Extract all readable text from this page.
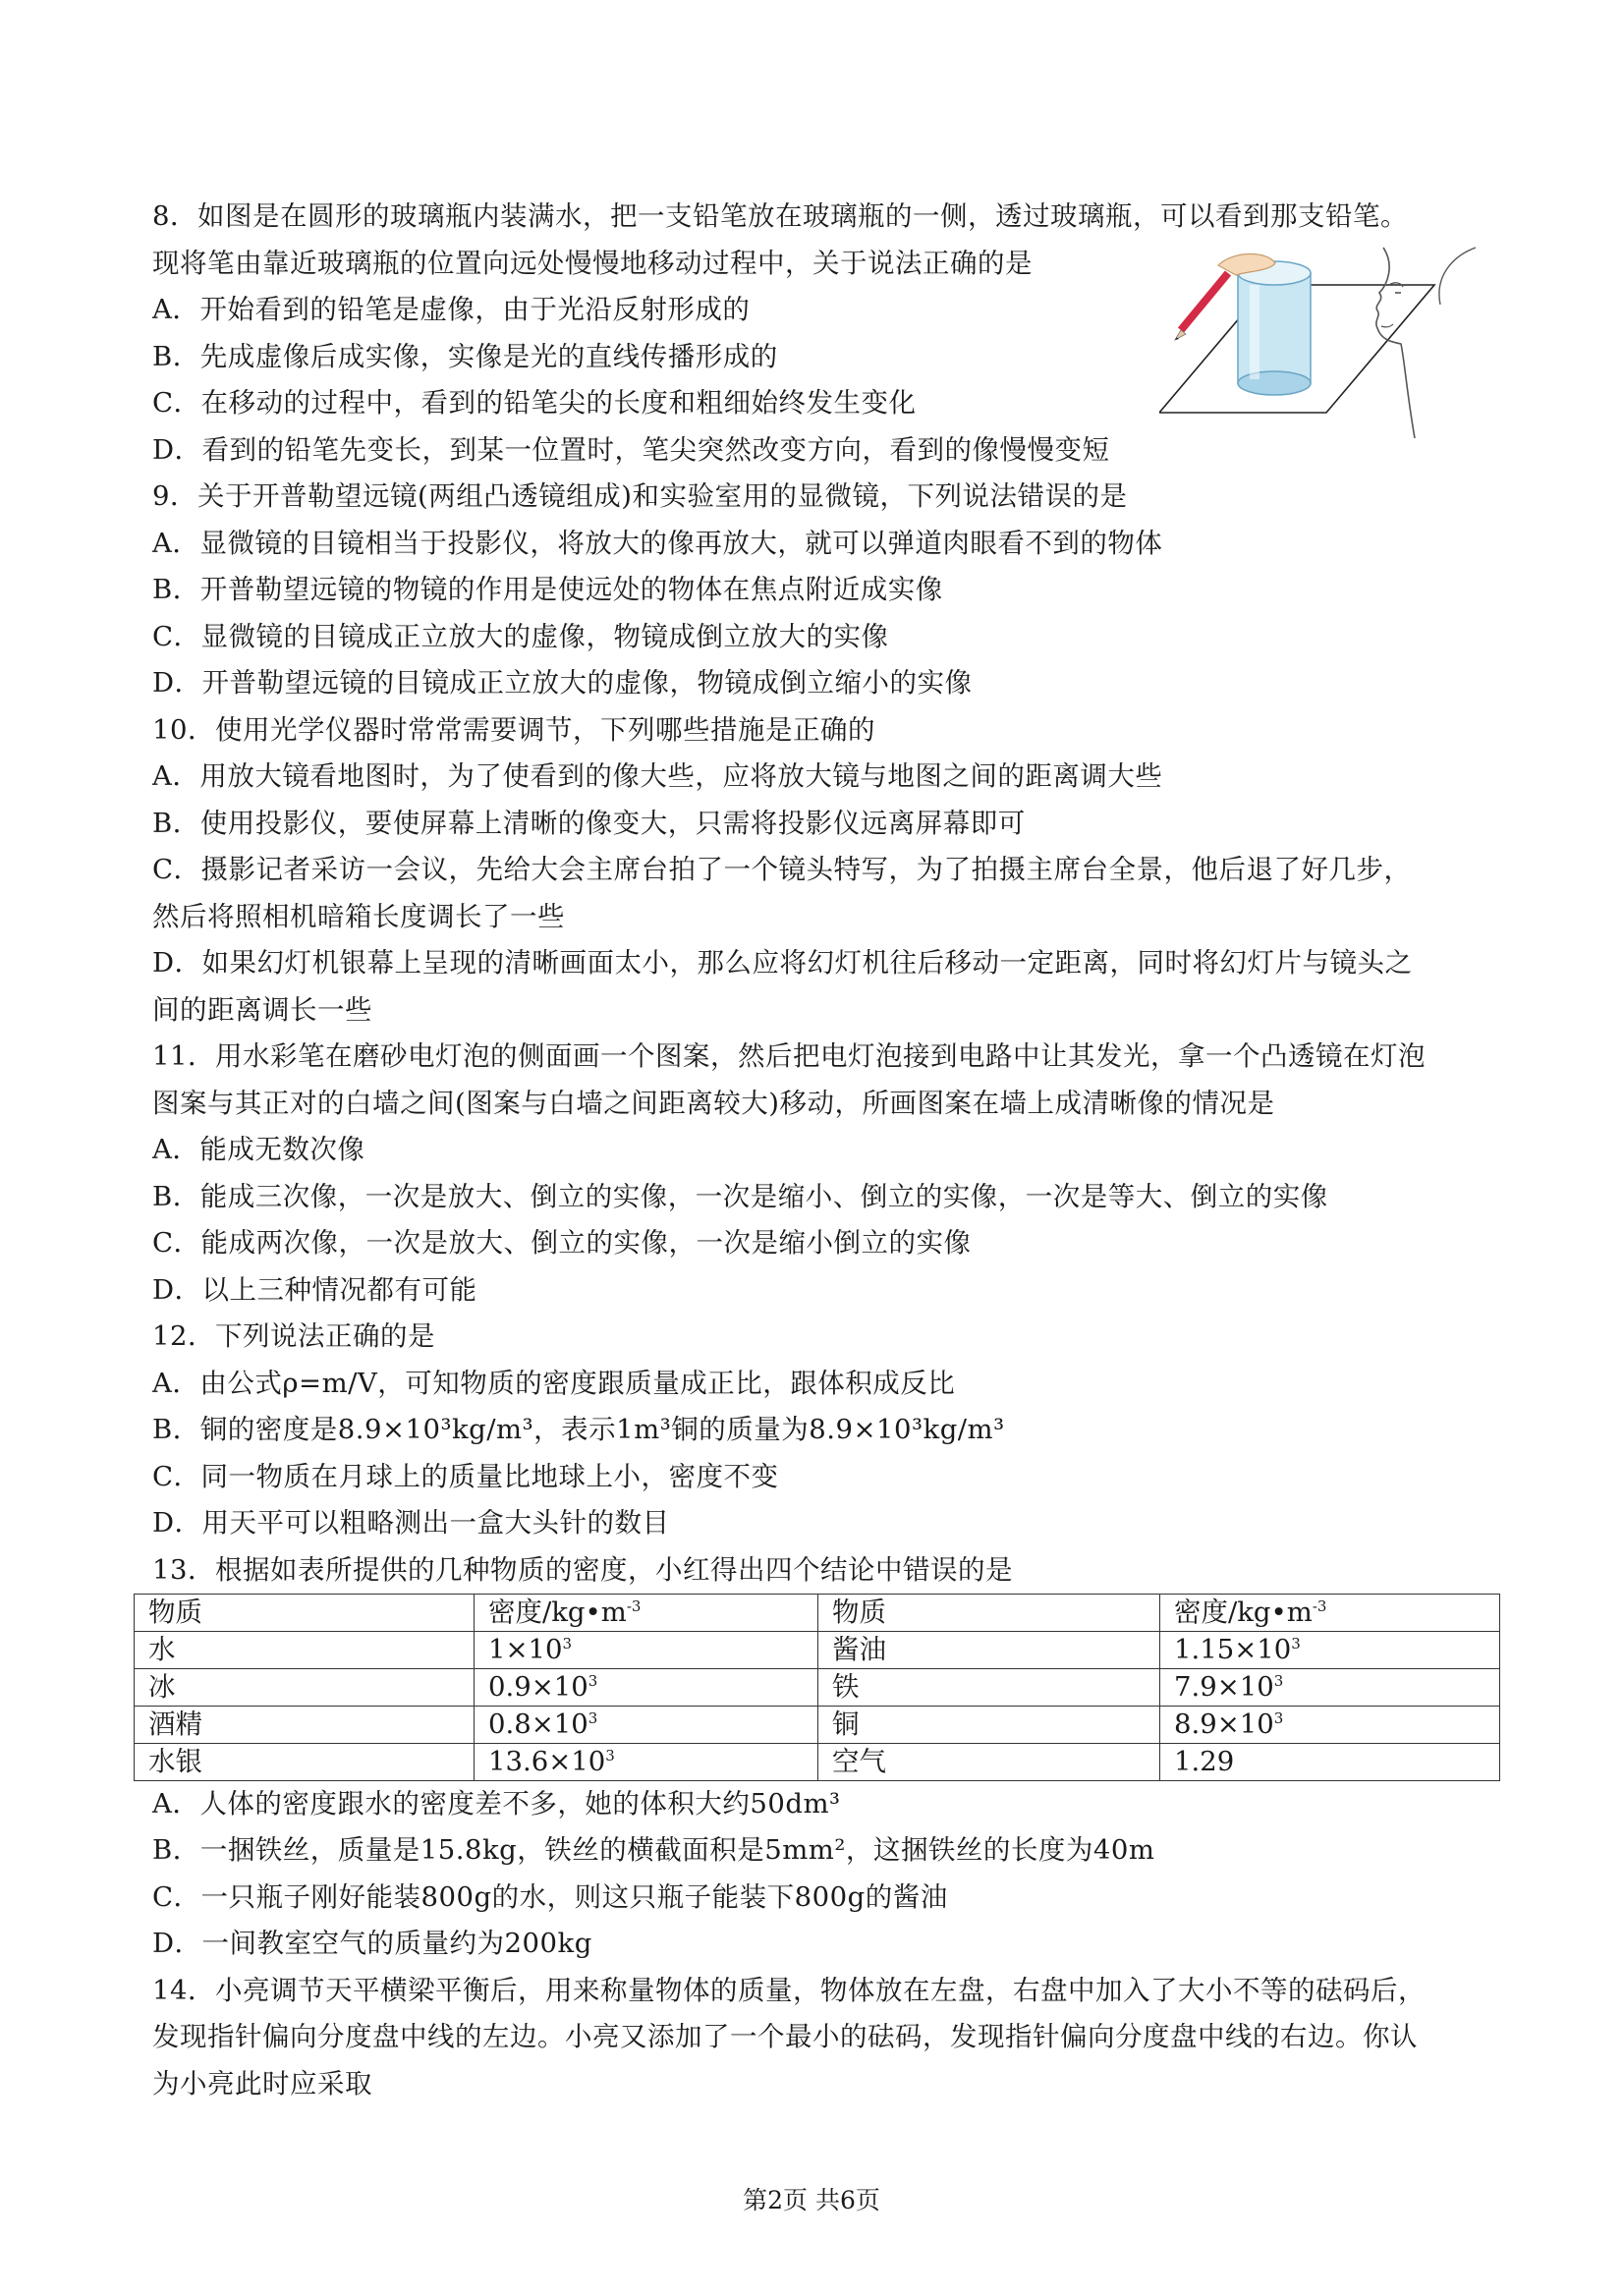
8．如图是在圆形的玻璃瓶内装满水，把一支铅笔放在玻璃瓶的一侧，透过玻璃瓶，可以看到那支铅笔。
现将笔由靠近玻璃瓶的位置向远处慢慢地移动过程中，关于说法正确的是
A．开始看到的铅笔是虚像，由于光沿反射形成的
B．先成虚像后成实像，实像是光的直线传播形成的
C．在移动的过程中，看到的铅笔尖的长度和粗细始终发生变化
D．看到的铅笔先变长，到某一位置时，笔尖突然改变方向，看到的像慢慢变短
9．关于开普勒望远镜(两组凸透镜组成)和实验室用的显微镜，下列说法错误的是
A．显微镜的目镜相当于投影仪，将放大的像再放大，就可以弹道肉眼看不到的物体
B．开普勒望远镜的物镜的作用是使远处的物体在焦点附近成实像
C．显微镜的目镜成正立放大的虚像，物镜成倒立放大的实像
D．开普勒望远镜的目镜成正立放大的虚像，物镜成倒立缩小的实像
10．使用光学仪器时常常需要调节，下列哪些措施是正确的
A．用放大镜看地图时，为了使看到的像大些，应将放大镜与地图之间的距离调大些
B．使用投影仪，要使屏幕上清晰的像变大，只需将投影仪远离屏幕即可
C．摄影记者采访一会议，先给大会主席台拍了一个镜头特写，为了拍摄主席台全景，他后退了好几步，
然后将照相机暗箱长度调长了一些
D．如果幻灯机银幕上呈现的清晰画面太小，那么应将幻灯机往后移动一定距离，同时将幻灯片与镜头之
间的距离调长一些
11．用水彩笔在磨砂电灯泡的侧面画一个图案，然后把电灯泡接到电路中让其发光，拿一个凸透镜在灯泡
图案与其正对的白墙之间(图案与白墙之间距离较大)移动，所画图案在墙上成清晰像的情况是
A．能成无数次像
B．能成三次像，一次是放大、倒立的实像，一次是缩小、倒立的实像，一次是等大、倒立的实像
C．能成两次像，一次是放大、倒立的实像，一次是缩小倒立的实像
D．以上三种情况都有可能
12．下列说法正确的是
A．由公式ρ=m/V，可知物质的密度跟质量成正比，跟体积成反比
B．铜的密度是8.9×10³kg/m³，表示1m³铜的质量为8.9×10³kg/m³
C．同一物质在月球上的质量比地球上小，密度不变
D．用天平可以粗略测出一盒大头针的数目
13．根据如表所提供的几种物质的密度，小红得出四个结论中错误的是
物质	密度$/kg•m^{-3}$	物质	密度$/kg•m^{-3}$
水	$1\times 10^3$	酱油	$1.15\times 10^3$
冰	$0.9\times 10^3$	铁	$7.9\times 10^3$
酒精	$0.8\times 10^3$	铜	$8.9\times 10^3$
水银	$13.6\times 10^3$	空气	1.29
A．人体的密度跟水的密度差不多，她的体积大约50dm³
B．一捆铁丝，质量是15.8kg，铁丝的横截面积是5mm²，这捆铁丝的长度为40m
C．一只瓶子刚好能装800g的水，则这只瓶子能装下800g的酱油
D．一间教室空气的质量约为200kg
14．小亮调节天平横梁平衡后，用来称量物体的质量，物体放在左盘，右盘中加入了大小不等的砝码后，
发现指针偏向分度盘中线的左边。小亮又添加了一个最小的砝码，发现指针偏向分度盘中线的右边。你认
为小亮此时应采取
第2页 共6页
